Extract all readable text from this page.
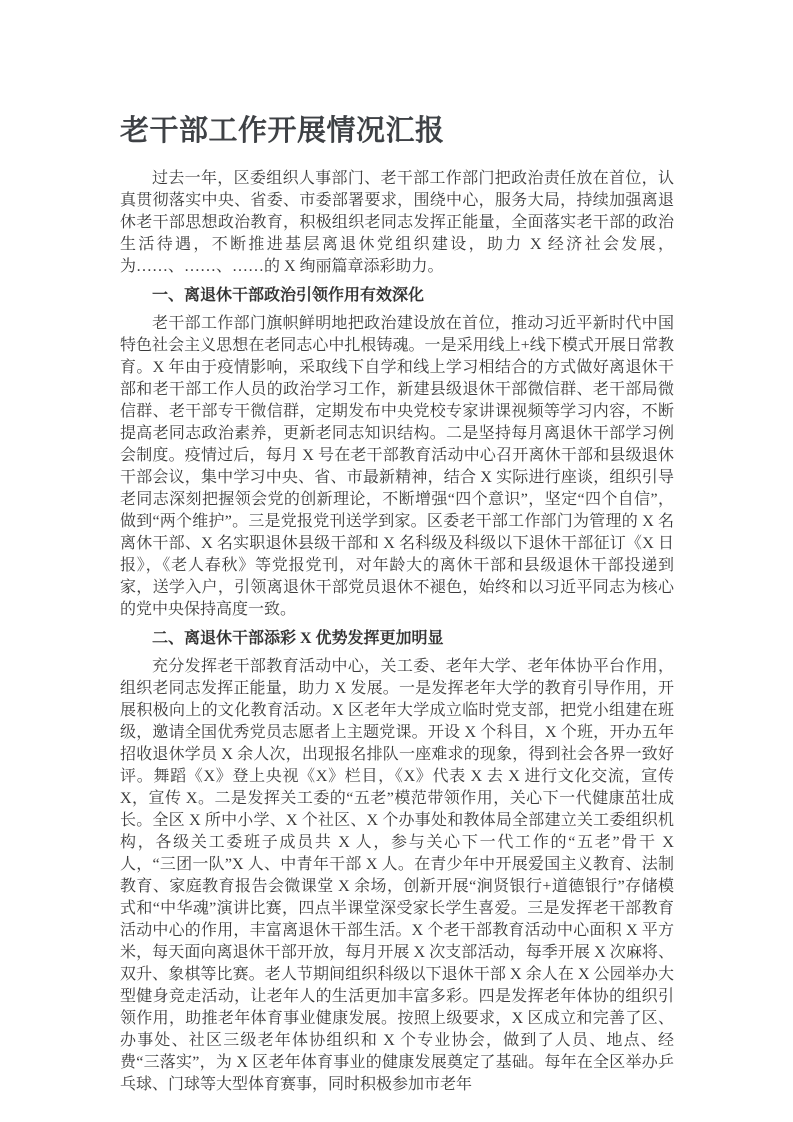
老干部工作开展情况汇报

过去一年，区委组织人事部门、老干部工作部门把政治责任放在首位，认真贯彻落实中央、省委、市委部署要求，围绕中心，服务大局，持续加强离退休老干部思想政治教育，积极组织老同志发挥正能量，全面落实老干部的政治生活待遇，不断推进基层离退休党组织建设，助力 X 经济社会发展，为……、……、……的 X 绚丽篇章添彩助力。

一、离退休干部政治引领作用有效深化

老干部工作部门旗帜鲜明地把政治建设放在首位，推动习近平新时代中国特色社会主义思想在老同志心中扎根铸魂。一是采用线上+线下模式开展日常教育。X 年由于疫情影响，采取线下自学和线上学习相结合的方式做好离退休干部和老干部工作人员的政治学习工作，新建县级退休干部微信群、老干部局微信群、老干部专干微信群，定期发布中央党校专家讲课视频等学习内容，不断提高老同志政治素养，更新老同志知识结构。二是坚持每月离退休干部学习例会制度。疫情过后，每月 X 号在老干部教育活动中心召开离休干部和县级退休干部会议，集中学习中央、省、市最新精神，结合 X 实际进行座谈，组织引导老同志深刻把握领会党的创新理论，不断增强“四个意识”，坚定“四个自信”，做到“两个维护”。三是党报党刊送学到家。区委老干部工作部门为管理的 X 名离休干部、X 名实职退休县级干部和 X 名科级及科级以下退休干部征订《X 日报》，《老人春秋》等党报党刊，对年龄大的离休干部和县级退休干部投递到家，送学入户，引领离退休干部党员退休不褪色，始终和以习近平同志为核心的党中央保持高度一致。

二、离退休干部添彩 X 优势发挥更加明显

充分发挥老干部教育活动中心，关工委、老年大学、老年体协平台作用，组织老同志发挥正能量，助力 X 发展。一是发挥老年大学的教育引导作用，开展积极向上的文化教育活动。X 区老年大学成立临时党支部，把党小组建在班级，邀请全国优秀党员志愿者上主题党课。开设 X 个科目，X 个班，开办五年招收退休学员 X 余人次，出现报名排队一座难求的现象，得到社会各界一致好评。舞蹈《X》登上央视《X》栏目，《X》代表 X 去 X 进行文化交流，宣传 X，宣传 X。二是发挥关工委的“五老”模范带领作用，关心下一代健康茁壮成长。全区 X 所中小学、X 个社区、X 个办事处和教体局全部建立关工委组织机构，各级关工委班子成员共 X 人，参与关心下一代工作的“五老”骨干 X 人，“三团一队”X 人、中青年干部 X 人。在青少年中开展爱国主义教育、法制教育、家庭教育报告会微课堂 X 余场，创新开展“涧贤银行+道德银行”存储模式和“中华魂”演讲比赛，四点半课堂深受家长学生喜爱。三是发挥老干部教育活动中心的作用，丰富离退休干部生活。X 个老干部教育活动中心面积 X 平方米，每天面向离退休干部开放，每月开展 X 次支部活动，每季开展 X 次麻将、双升、象棋等比赛。老人节期间组织科级以下退休干部 X 余人在 X 公园举办大型健身竞走活动，让老年人的生活更加丰富多彩。四是发挥老年体协的组织引领作用，助推老年体育事业健康发展。按照上级要求，X 区成立和完善了区、办事处、社区三级老年体协组织和 X 个专业协会，做到了人员、地点、经费“三落实”，为 X 区老年体育事业的健康发展奠定了基础。每年在全区举办乒乓球、门球等大型体育赛事，同时积极参加市老年
